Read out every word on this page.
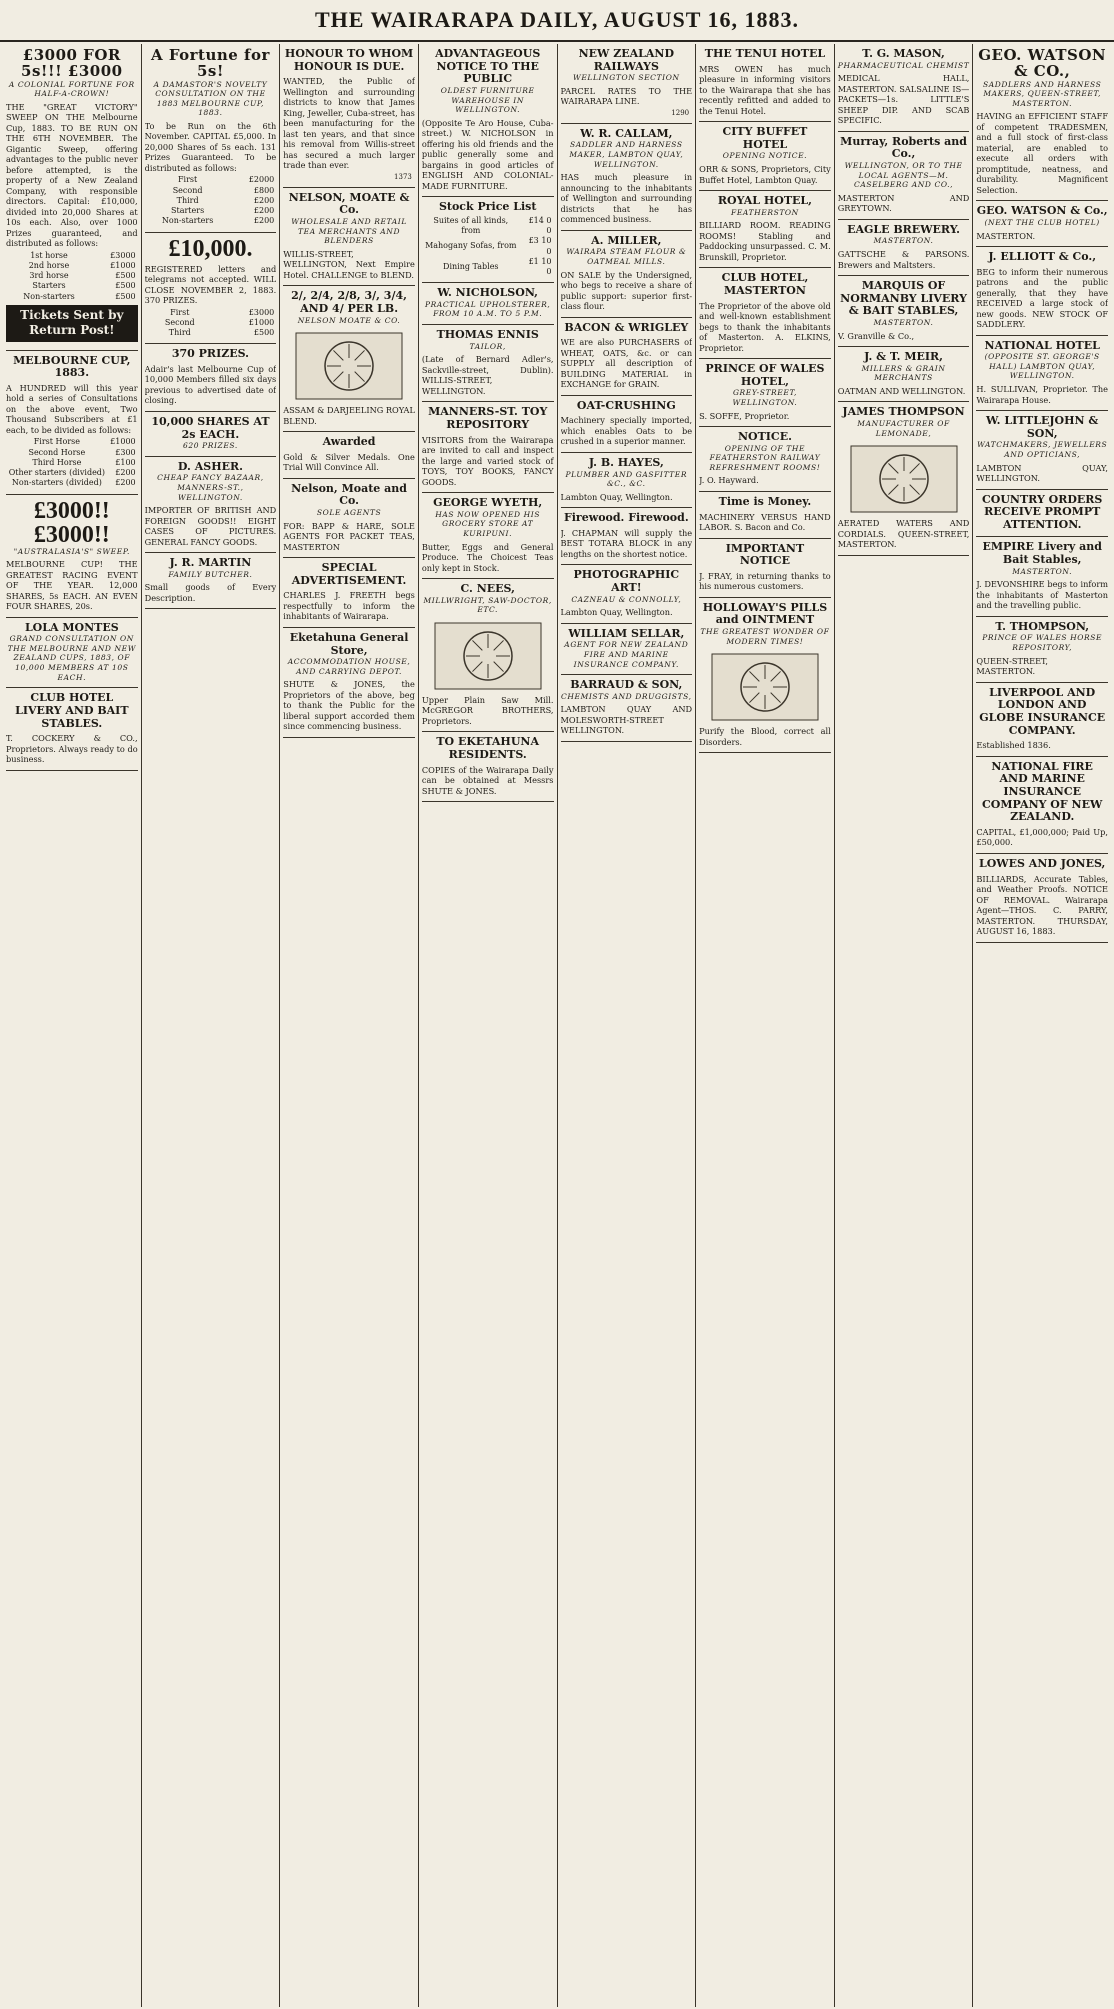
THE WAIRARAPA DAILY, AUGUST 16, 1883.
£3000 FOR 5s!!! £3000
A COLONIAL FORTUNE FOR HALF-A-CROWN!
THE "GREAT VICTORY" SWEEP ON THE Melbourne Cup, 1883. TO BE RUN ON THE 6TH NOVEMBER. The Gigantic Sweep, offering advantages to the public never before attempted, is the property of a New Zealand Company, with responsible directors. Capital: £10,000, divided into 20,000 Shares at 10s each. Also, over 1000 Prizes guaranteed, and distributed as follows:
1st horse	£3000
2nd horse	£1000
3rd horse	£500
Starters	£500
Non-starters	£500
Tickets Sent by Return Post!
MELBOURNE CUP, 1883.
A HUNDRED will this year hold a series of Consultations on the above event, Two Thousand Subscribers at £1 each, to be divided as follows:
First Horse	£1000
Second Horse	£300
Third Horse	£100
Other starters (divided)	£200
Non-starters (divided)	£200
£3000!! £3000!!
"AUSTRALASIA'S" SWEEP.
MELBOURNE CUP! THE GREATEST RACING EVENT OF THE YEAR. 12,000 SHARES, 5s EACH. AN EVEN FOUR SHARES, 20s.
LOLA MONTES
GRAND CONSULTATION ON THE MELBOURNE AND NEW ZEALAND CUPS, 1883, OF 10,000 MEMBERS AT 10S EACH.
CLUB HOTEL LIVERY AND BAIT STABLES.
T. COCKERY & CO., Proprietors. Always ready to do business.
A Fortune for 5s!
A DAMASTOR'S NOVELTY CONSULTATION ON THE 1883 MELBOURNE CUP, 1883.
To be Run on the 6th November. CAPITAL £5,000. In 20,000 Shares of 5s each. 131 Prizes Guaranteed. To be distributed as follows:
First	£2000
Second	£800
Third	£200
Starters	£200
Non-starters	£200
£10,000.
REGISTERED letters and telegrams not accepted. WILL CLOSE NOVEMBER 2, 1883. 370 PRIZES.
First	£3000
Second	£1000
Third	£500
370 PRIZES.
Adair's last Melbourne Cup of 10,000 Members filled six days previous to advertised date of closing.
10,000 SHARES AT 2s EACH.
620 PRIZES.
D. ASHER.
CHEAP FANCY BAZAAR, MANNERS-ST., WELLINGTON.
IMPORTER OF BRITISH AND FOREIGN GOODS!! EIGHT CASES OF PICTURES. GENERAL FANCY GOODS.
J. R. MARTIN
FAMILY BUTCHER.
Small goods of Every Description.
HONOUR TO WHOM HONOUR IS DUE.
WANTED, the Public of Wellington and surrounding districts to know that James King, Jeweller, Cuba-street, has been manufacturing for the last ten years, and that since his removal from Willis-street has secured a much larger trade than ever.
1373
NELSON, MOATE & Co.
WHOLESALE AND RETAIL TEA MERCHANTS AND BLENDERS
WILLIS-STREET, WELLINGTON, Next Empire Hotel. CHALLENGE to BLEND.
2/, 2/4, 2/8, 3/, 3/4, AND 4/ PER LB.
NELSON MOATE & CO.
ASSAM & DARJEELING ROYAL BLEND.
Awarded
Gold & Silver Medals. One Trial Will Convince All.
Nelson, Moate and Co.
SOLE AGENTS
FOR: BAPP & HARE, SOLE AGENTS FOR PACKET TEAS, MASTERTON
SPECIAL ADVERTISEMENT.
CHARLES J. FREETH begs respectfully to inform the inhabitants of Wairarapa.
Eketahuna General Store,
ACCOMMODATION HOUSE, AND CARRYING DEPOT.
SHUTE & JONES, the Proprietors of the above, beg to thank the Public for the liberal support accorded them since commencing business.
ADVANTAGEOUS NOTICE TO THE PUBLIC
OLDEST FURNITURE WAREHOUSE IN WELLINGTON.
(Opposite Te Aro House, Cuba-street.) W. NICHOLSON in offering his old friends and the public generally some and bargains in good articles of ENGLISH AND COLONIAL-MADE FURNITURE.
Stock Price List
Suites of all kinds, from	£14 0 0
Mahogany Sofas, from	£3 10 0
Dining Tables	£1 10 0
W. NICHOLSON,
PRACTICAL UPHOLSTERER, FROM 10 A.M. TO 5 P.M.
THOMAS ENNIS
TAILOR,
(Late of Bernard Adler's, Sackville-street, Dublin). WILLIS-STREET, WELLINGTON.
MANNERS-ST. TOY REPOSITORY
VISITORS from the Wairarapa are invited to call and inspect the large and varied stock of TOYS, TOY BOOKS, FANCY GOODS.
GEORGE WYETH,
HAS NOW OPENED HIS GROCERY STORE AT KURIPUNI.
Butter, Eggs and General Produce. The Choicest Teas only kept in Stock.
C. NEES,
MILLWRIGHT, SAW-DOCTOR, ETC.
Upper Plain Saw Mill. McGREGOR BROTHERS, Proprietors.
TO EKETAHUNA RESIDENTS.
COPIES of the Wairarapa Daily can be obtained at Messrs SHUTE & JONES.
NEW ZEALAND RAILWAYS
WELLINGTON SECTION
PARCEL RATES TO THE WAIRARAPA LINE.
1290
W. R. CALLAM,
SADDLER AND HARNESS MAKER, LAMBTON QUAY, WELLINGTON.
HAS much pleasure in announcing to the inhabitants of Wellington and surrounding districts that he has commenced business.
A. MILLER,
WAIRAPA STEAM FLOUR & OATMEAL MILLS.
ON SALE by the Undersigned, who begs to receive a share of public support: superior first-class flour.
BACON & WRIGLEY
WE are also PURCHASERS of WHEAT, OATS, &c. or can SUPPLY all description of BUILDING MATERIAL in EXCHANGE for GRAIN.
OAT-CRUSHING
Machinery specially imported, which enables Oats to be crushed in a superior manner.
J. B. HAYES,
PLUMBER AND GASFITTER &C., &C.
Lambton Quay, Wellington.
Firewood. Firewood.
J. CHAPMAN will supply the BEST TOTARA BLOCK in any lengths on the shortest notice.
PHOTOGRAPHIC ART!
CAZNEAU & CONNOLLY,
Lambton Quay, Wellington.
WILLIAM SELLAR,
AGENT FOR NEW ZEALAND FIRE AND MARINE INSURANCE COMPANY.
BARRAUD & SON,
CHEMISTS AND DRUGGISTS,
LAMBTON QUAY AND MOLESWORTH-STREET WELLINGTON.
THE TENUI HOTEL
MRS OWEN has much pleasure in informing visitors to the Wairarapa that she has recently refitted and added to the Tenui Hotel.
CITY BUFFET HOTEL
OPENING NOTICE.
ORR & SONS, Proprietors, City Buffet Hotel, Lambton Quay.
ROYAL HOTEL,
FEATHERSTON
BILLIARD ROOM. READING ROOMS! Stabling and Paddocking unsurpassed. C. M. Brunskill, Proprietor.
CLUB HOTEL, MASTERTON
The Proprietor of the above old and well-known establishment begs to thank the inhabitants of Masterton. A. ELKINS, Proprietor.
PRINCE OF WALES HOTEL,
GREY-STREET, WELLINGTON.
S. SOFFE, Proprietor.
NOTICE.
OPENING OF THE FEATHERSTON RAILWAY REFRESHMENT ROOMS!
J. O. Hayward.
Time is Money.
MACHINERY VERSUS HAND LABOR. S. Bacon and Co.
IMPORTANT NOTICE
J. FRAY, in returning thanks to his numerous customers.
HOLLOWAY'S PILLS and OINTMENT
THE GREATEST WONDER OF MODERN TIMES!
Purify the Blood, correct all Disorders.
T. G. MASON,
PHARMACEUTICAL CHEMIST
MEDICAL HALL, MASTERTON. SALSALINE IS—PACKETS—1s. LITTLE'S SHEEP DIP. AND SCAB SPECIFIC.
Murray, Roberts and Co.,
WELLINGTON, OR TO THE LOCAL AGENTS—M. CASELBERG AND CO.,
MASTERTON AND GREYTOWN.
EAGLE BREWERY.
MASTERTON.
GATTSCHE & PARSONS. Brewers and Maltsters.
MARQUIS OF NORMANBY LIVERY & BAIT STABLES,
MASTERTON.
V. Granville & Co.,
J. & T. MEIR,
MILLERS & GRAIN MERCHANTS
OATMAN AND WELLINGTON.
JAMES THOMPSON
MANUFACTURER OF LEMONADE,
AERATED WATERS AND CORDIALS. QUEEN-STREET, MASTERTON.
GEO. WATSON & CO.,
SADDLERS AND HARNESS MAKERS, QUEEN-STREET, MASTERTON.
HAVING an EFFICIENT STAFF of competent TRADESMEN, and a full stock of first-class material, are enabled to execute all orders with promptitude, neatness, and durability. Magnificent Selection.
GEO. WATSON & Co.,
(NEXT THE CLUB HOTEL)
MASTERTON.
J. ELLIOTT & Co.,
BEG to inform their numerous patrons and the public generally, that they have RECEIVED a large stock of new goods. NEW STOCK OF SADDLERY.
NATIONAL HOTEL
(OPPOSITE ST. GEORGE'S HALL) LAMBTON QUAY, WELLINGTON.
H. SULLIVAN, Proprietor. The Wairarapa House.
W. LITTLEJOHN & SON,
WATCHMAKERS, JEWELLERS AND OPTICIANS,
LAMBTON QUAY, WELLINGTON.
COUNTRY ORDERS RECEIVE PROMPT ATTENTION.
EMPIRE Livery and Bait Stables,
MASTERTON.
J. DEVONSHIRE begs to inform the inhabitants of Masterton and the travelling public.
T. THOMPSON,
PRINCE OF WALES HORSE REPOSITORY,
QUEEN-STREET, MASTERTON.
LIVERPOOL AND LONDON AND GLOBE INSURANCE COMPANY.
Established 1836.
NATIONAL FIRE AND MARINE INSURANCE COMPANY OF NEW ZEALAND.
CAPITAL, £1,000,000; Paid Up, £50,000.
LOWES AND JONES,
BILLIARDS, Accurate Tables, and Weather Proofs. NOTICE OF REMOVAL. Wairarapa Agent—THOS. C. PARRY, MASTERTON. THURSDAY, AUGUST 16, 1883.
